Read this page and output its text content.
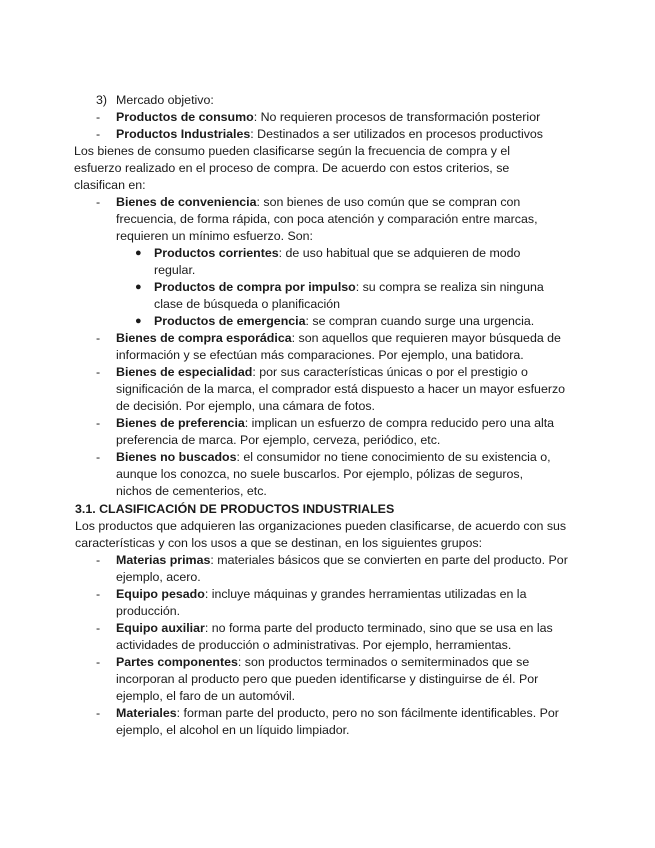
3) Mercado objetivo:
- Productos de consumo: No requieren procesos de transformación posterior
- Productos Industriales: Destinados a ser utilizados en procesos productivos

Los bienes de consumo pueden clasificarse según la frecuencia de compra y el esfuerzo realizado en el proceso de compra. De acuerdo con estos criterios, se clasifican en:

- Bienes de conveniencia: son bienes de uso común que se compran con frecuencia, de forma rápida, con poca atención y comparación entre marcas, requieren un mínimo esfuerzo. Son:
● Productos corrientes: de uso habitual que se adquieren de modo regular.
● Productos de compra por impulso: su compra se realiza sin ninguna clase de búsqueda o planificación
● Productos de emergencia: se compran cuando surge una urgencia.
- Bienes de compra esporádica: son aquellos que requieren mayor búsqueda de información y se efectúan más comparaciones. Por ejemplo, una batidora.
- Bienes de especialidad: por sus características únicas o por el prestigio o significación de la marca, el comprador está dispuesto a hacer un mayor esfuerzo de decisión. Por ejemplo, una cámara de fotos.
- Bienes de preferencia: implican un esfuerzo de compra reducido pero una alta preferencia de marca. Por ejemplo, cerveza, periódico, etc.
- Bienes no buscados: el consumidor no tiene conocimiento de su existencia o, aunque los conozca, no suele buscarlos. Por ejemplo, pólizas de seguros, nichos de cementerios, etc.

3.1. CLASIFICACIÓN DE PRODUCTOS INDUSTRIALES

Los productos que adquieren las organizaciones pueden clasificarse, de acuerdo con sus características y con los usos a que se destinan, en los siguientes grupos:

- Materias primas: materiales básicos que se convierten en parte del producto. Por ejemplo, acero.
- Equipo pesado: incluye máquinas y grandes herramientas utilizadas en la producción.
- Equipo auxiliar: no forma parte del producto terminado, sino que se usa en las actividades de producción o administrativas. Por ejemplo, herramientas.
- Partes componentes: son productos terminados o semiterminados que se incorporan al producto pero que pueden identificarse y distinguirse de él. Por ejemplo, el faro de un automóvil.
- Materiales: forman parte del producto, pero no son fácilmente identificables. Por ejemplo, el alcohol en un líquido limpiador.
